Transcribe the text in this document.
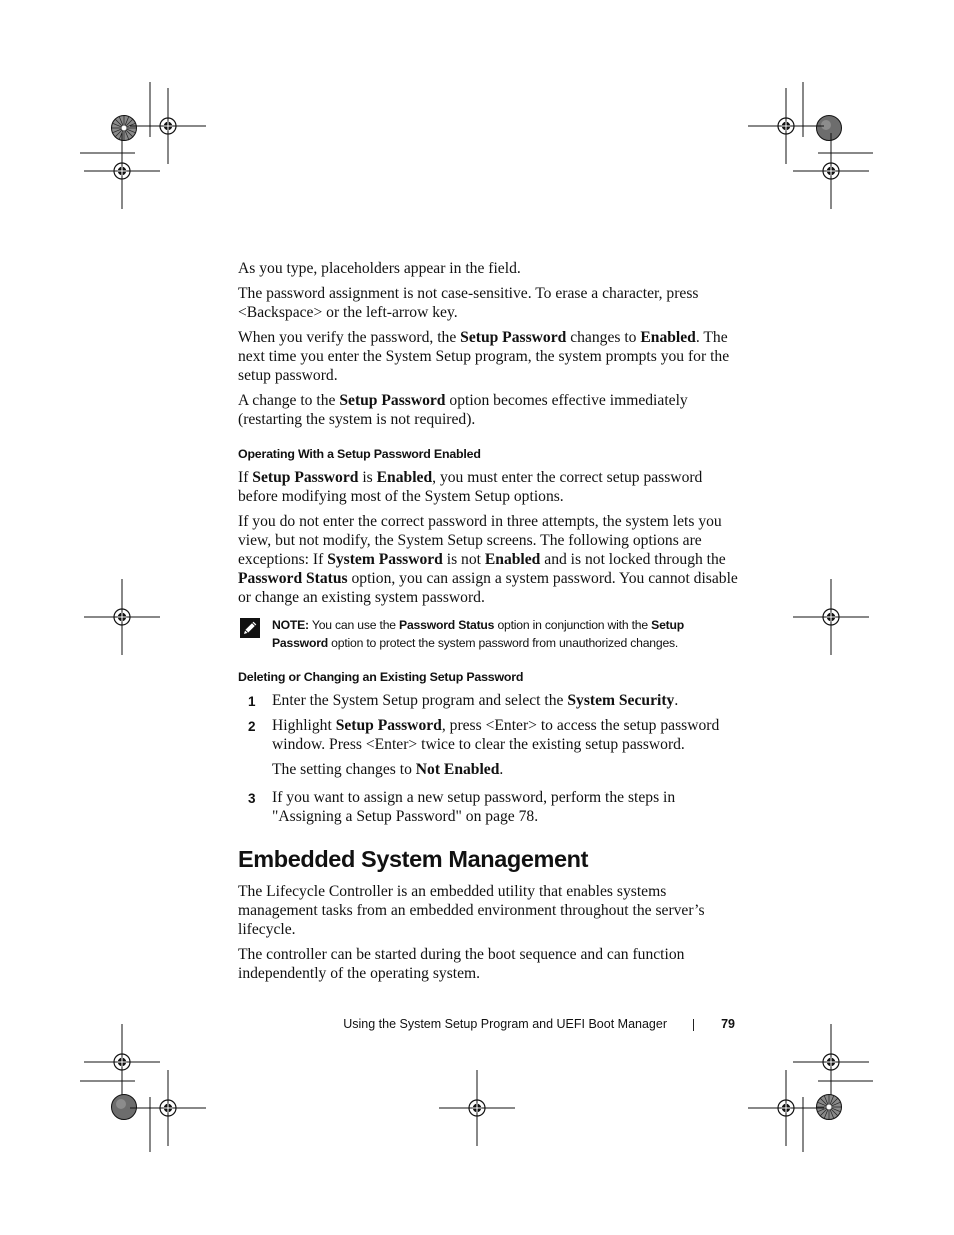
As you type, placeholders appear in the field.

The password assignment is not case-sensitive. To erase a character, press <Backspace> or the left-arrow key.

When you verify the password, the Setup Password changes to Enabled. The next time you enter the System Setup program, the system prompts you for the setup password.

A change to the Setup Password option becomes effective immediately (restarting the system is not required).

Operating With a Setup Password Enabled

If Setup Password is Enabled, you must enter the correct setup password before modifying most of the System Setup options.

If you do not enter the correct password in three attempts, the system lets you view, but not modify, the System Setup screens. The following options are exceptions: If System Password is not Enabled and is not locked through the Password Status option, you can assign a system password. You cannot disable or change an existing system password.

NOTE: You can use the Password Status option in conjunction with the Setup Password option to protect the system password from unauthorized changes.
Deleting or Changing an Existing Setup Password
1 Enter the System Setup program and select the System Security.
2 Highlight Setup Password, press <Enter> to access the setup password window. Press <Enter> twice to clear the existing setup password.
The setting changes to Not Enabled.
3 If you want to assign a new setup password, perform the steps in "Assigning a Setup Password" on page 78.
Embedded System Management

The Lifecycle Controller is an embedded utility that enables systems management tasks from an embedded environment throughout the server’s lifecycle.

The controller can be started during the boot sequence and can function independently of the operating system.

Using the System Setup Program and UEFI Boot Manager	79
